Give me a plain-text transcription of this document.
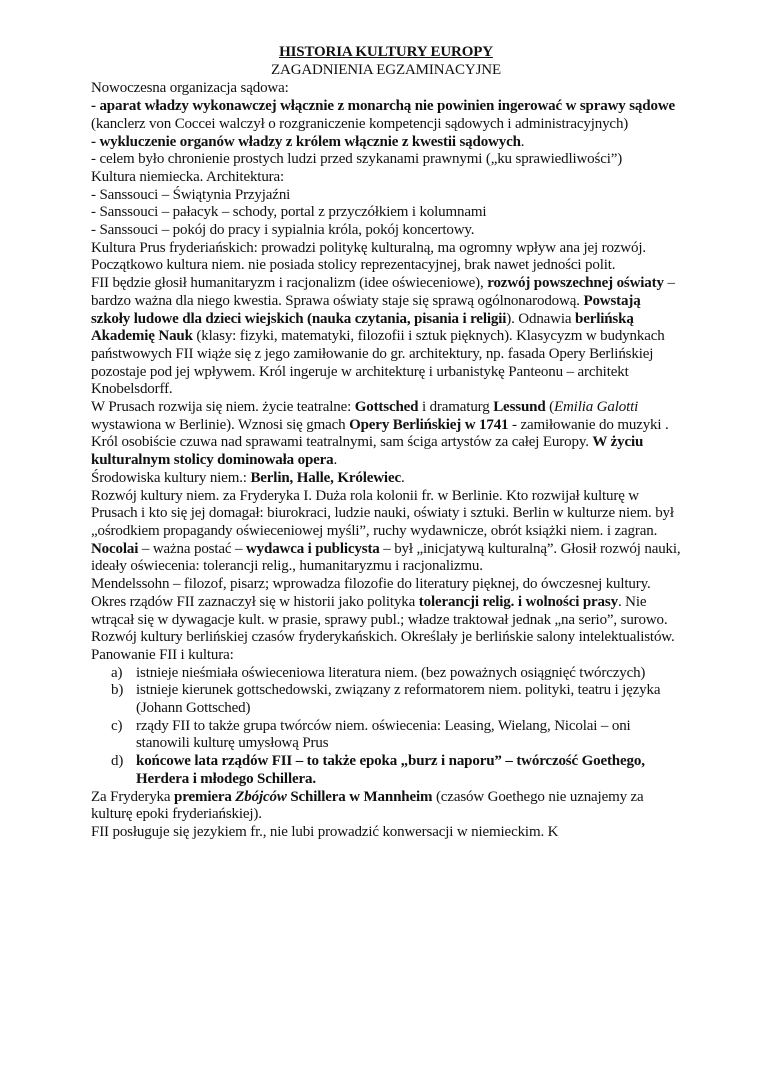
HISTORIA KULTURY EUROPY
ZAGADNIENIA EGZAMINACYJNE

Nowoczesna organizacja sądowa:

- aparat władzy wykonawczej włącznie z monarchą nie powinien ingerować w sprawy sądowe (kanclerz von Coccei walczył o rozgraniczenie kompetencji sądowych i administracyjnych)

- wykluczenie organów władzy z królem włącznie z kwestii sądowych.

- celem było chronienie prostych ludzi przed szykanami prawnymi („ku sprawiedliwości”)

Kultura niemiecka. Architektura:

- Sanssouci – Świątynia Przyjaźni

- Sanssouci – pałacyk – schody, portal z przyczółkiem i kolumnami

- Sanssouci – pokój do pracy i sypialnia króla, pokój koncertowy.

Kultura Prus fryderiańskich: prowadzi politykę kulturalną, ma ogromny wpływ ana jej rozwój. Początkowo kultura niem. nie posiada stolicy reprezentacyjnej, brak nawet jedności polit.

FII będzie głosił humanitaryzm i racjonalizm (idee oświeceniowe), rozwój powszechnej oświaty – bardzo ważna dla niego kwestia. Sprawa oświaty staje się sprawą ogólnonarodową. Powstają szkoły ludowe dla dzieci wiejskich (nauka czytania, pisania i religii). Odnawia berlińską Akademię Nauk (klasy: fizyki, matematyki, filozofii i sztuk pięknych). Klasycyzm w budynkach państwowych FII wiąże się z jego zamiłowanie do gr. architektury, np. fasada Opery Berlińskiej pozostaje pod jej wpływem. Król ingeruje w architekturę i urbanistykę Panteonu – architekt Knobelsdorff.

W Prusach rozwija się niem. życie teatralne: Gottsched i dramaturg Lessund (Emilia Galotti wystawiona w Berlinie). Wznosi się gmach Opery Berlińskiej w 1741 - zamiłowanie do muzyki . Król osobiście czuwa nad sprawami teatralnymi, sam ściga artystów za całej Europy. W życiu kulturalnym stolicy dominowała opera.

Środowiska kultury niem.: Berlin, Halle, Królewiec.

Rozwój kultury niem. za Fryderyka I. Duża rola kolonii fr. w Berlinie. Kto rozwijał kulturę w Prusach i kto się jej domagał: biurokraci, ludzie nauki, oświaty i sztuki. Berlin w kulturze niem. był „ośrodkiem propagandy oświeceniowej myśli”, ruchy wydawnicze, obrót książki niem. i zagran.

Nocolai – ważna postać – wydawca i publicysta – był „inicjatywą kulturalną”. Głosił rozwój nauki, ideały oświecenia: tolerancji relig., humanitaryzmu i racjonalizmu.

Mendelssohn – filozof, pisarz; wprowadza filozofie do literatury pięknej, do ówczesnej kultury.

Okres rządów FII zaznaczył się w historii jako polityka tolerancji relig. i wolności prasy. Nie wtrącał się w dywagacje kult. w prasie, sprawy publ.; władze traktował jednak „na serio”, surowo.

Rozwój kultury berlińskiej czasów fryderykańskich. Określały je berlińskie salony intelektualistów.

Panowanie FII i kultura:

a) istnieje nieśmiała oświeceniowa literatura niem. (bez poważnych osiągnięć twórczych)
b) istnieje kierunek gottschedowski, związany z reformatorem niem. polityki, teatru i języka (Johann Gottsched)
c) rządy FII to także grupa twórców niem. oświecenia: Leasing, Wielang, Nicolai – oni stanowili kulturę umysłową Prus
d) końcowe lata rządów FII – to także epoka „burz i naporu” – twórczość Goethego, Herdera i młodego Schillera.

Za Fryderyka premiera Zbójców Schillera w Mannheim (czasów Goethego nie uznajemy za kulturę epoki fryderiańskiej).

FII posługuje się jezykiem fr., nie lubi prowadzić konwersacji w niemieckim. K
